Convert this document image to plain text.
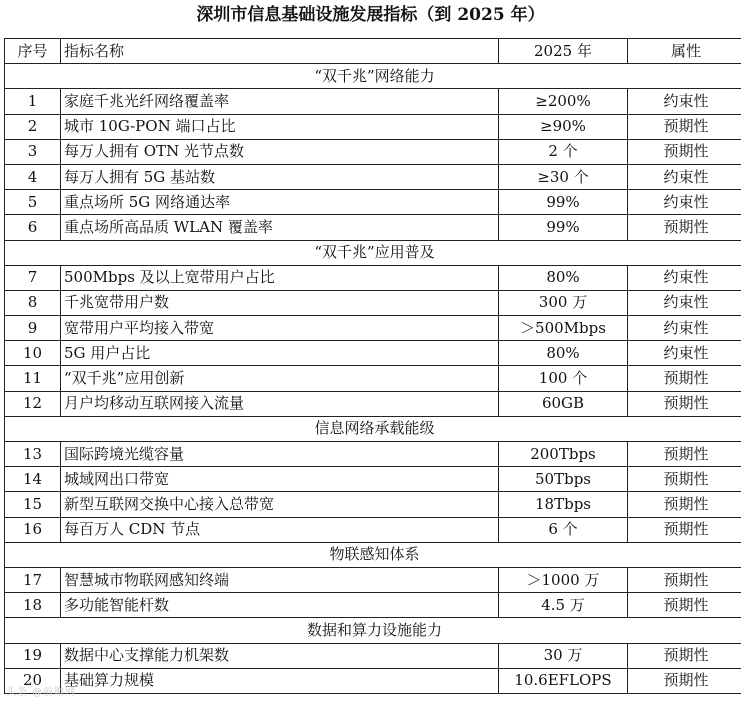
深圳市信息基础设施发展指标（到 2025 年）
序号	指标名称	2025 年	属性
“双千兆”网络能力			
1	家庭千兆光纤网络覆盖率	≥200%	约束性
2	城市 10G-PON 端口占比	≥90%	预期性
3	每万人拥有 OTN 光节点数	2 个	预期性
4	每万人拥有 5G 基站数	≥30 个	约束性
5	重点场所 5G 网络通达率	99%	约束性
6	重点场所高品质 WLAN 覆盖率	99%	预期性
“双千兆”应用普及			
7	500Mbps 及以上宽带用户占比	80%	约束性
8	千兆宽带用户数	300 万	约束性
9	宽带用户平均接入带宽	＞500Mbps	约束性
10	5G 用户占比	80%	约束性
11	“双千兆”应用创新	100 个	预期性
12	月户均移动互联网接入流量	60GB	预期性
信息网络承载能级			
13	国际跨境光缆容量	200Tbps	预期性
14	城域网出口带宽	50Tbps	预期性
15	新型互联网交换中心接入总带宽	18Tbps	预期性
16	每百万人 CDN 节点	6 个	预期性
物联感知体系			
17	智慧城市物联网感知终端	＞1000 万	预期性
18	多功能智能杆数	4.5 万	预期性
数据和算力设施能力			
19	数据中心支撑能力机架数	30 万	预期性
20	基础算力规模	10.6EFLOPS	预期性
头条 @前瞻网
